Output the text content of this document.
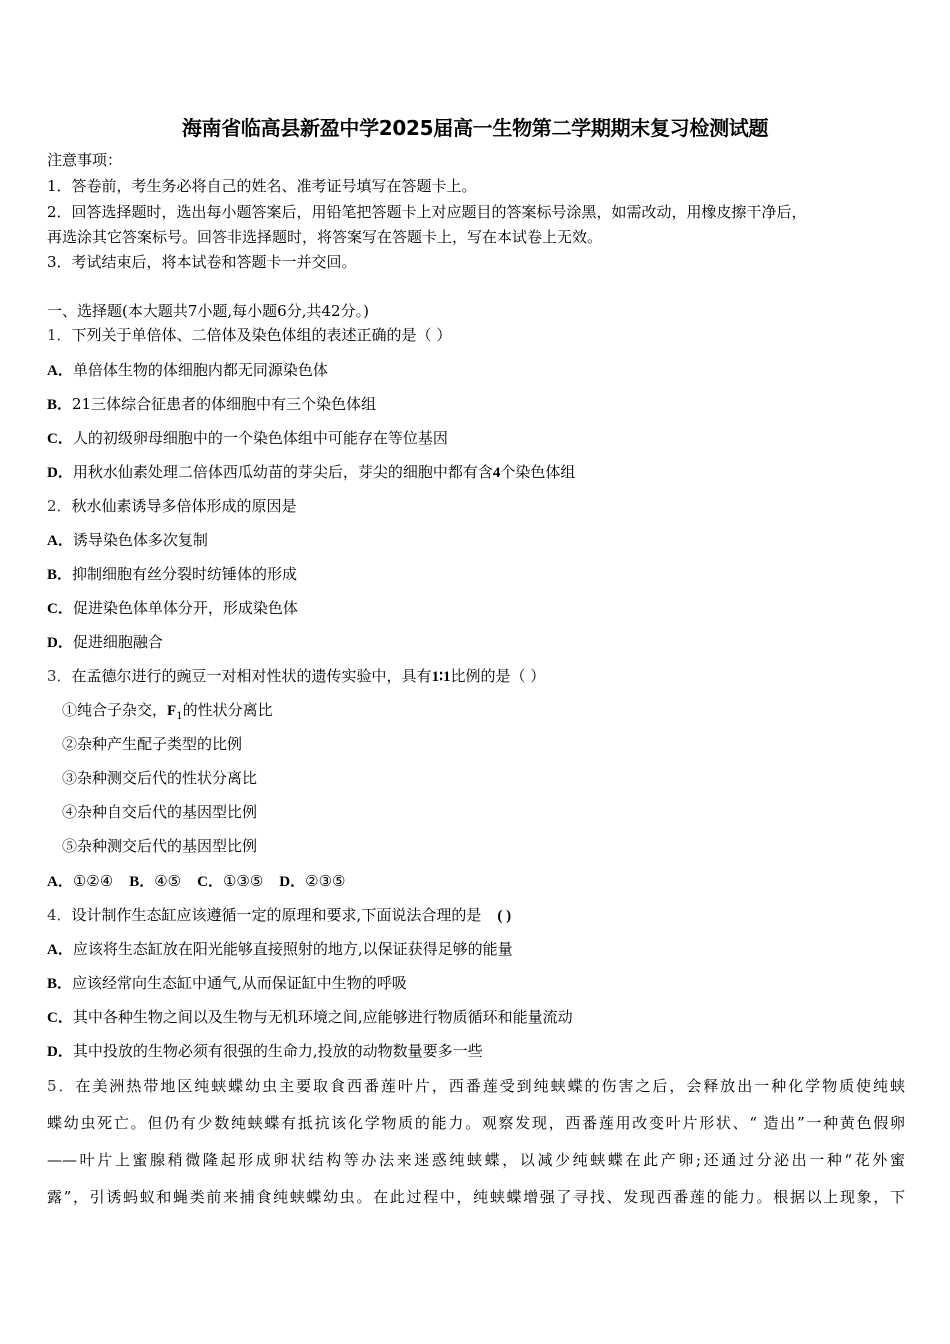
海南省临高县新盈中学2025届高一生物第二学期期末复习检测试题
注意事项：
1．答卷前，考生务必将自己的姓名、准考证号填写在答题卡上。
2．回答选择题时，选出每小题答案后，用铅笔把答题卡上对应题目的答案标号涂黑，如需改动，用橡皮擦干净后，
再选涂其它答案标号。回答非选择题时，将答案写在答题卡上，写在本试卷上无效。
3．考试结束后，将本试卷和答题卡一并交回。
一、选择题(本大题共7小题,每小题6分,共42分。)
1．下列关于单倍体、二倍体及染色体组的表述正确的是（ ）
A．单倍体生物的体细胞内都无同源染色体
B．21三体综合征患者的体细胞中有三个染色体组
C．人的初级卵母细胞中的一个染色体组中可能存在等位基因
D．用秋水仙素处理二倍体西瓜幼苗的芽尖后，芽尖的细胞中都有含4个染色体组
2．秋水仙素诱导多倍体形成的原因是
A．诱导染色体多次复制
B．抑制细胞有丝分裂时纺锤体的形成
C．促进染色体单体分开，形成染色体
D．促进细胞融合
3．在孟德尔进行的豌豆一对相对性状的遗传实验中，具有1∶1比例的是（ ）
①纯合子杂交，$F_1$的性状分离比
②杂种产生配子类型的比例
③杂种测交后代的性状分离比
④杂种自交后代的基因型比例
⑤杂种测交后代的基因型比例
A．①②④ B．④⑤ C．①③⑤ D．②③⑤
4．设计制作生态缸应该遵循一定的原理和要求,下面说法合理的是 ( )
A．应该将生态缸放在阳光能够直接照射的地方,以保证获得足够的能量
B．应该经常向生态缸中通气,从而保证缸中生物的呼吸
C．其中各种生物之间以及生物与无机环境之间,应能够进行物质循环和能量流动
D．其中投放的生物必须有很强的生命力,投放的动物数量要多一些
5．在美洲热带地区纯蛱蝶幼虫主要取食西番莲叶片，西番莲受到纯蛱蝶的伤害之后，会释放出一种化学物质使纯蛱
蝶幼虫死亡。但仍有少数纯蛱蝶有抵抗该化学物质的能力。观察发现，西番莲用改变叶片形状、“ 造出”一种黄色假卵
——叶片上蜜腺稍微隆起形成卵状结构等办法来迷惑纯蛱蝶，以减少纯蛱蝶在此产卵;还通过分泌出一种“花外蜜
露”，引诱蚂蚁和蝇类前来捕食纯蛱蝶幼虫。在此过程中，纯蛱蝶增强了寻找、发现西番莲的能力。根据以上现象，下
